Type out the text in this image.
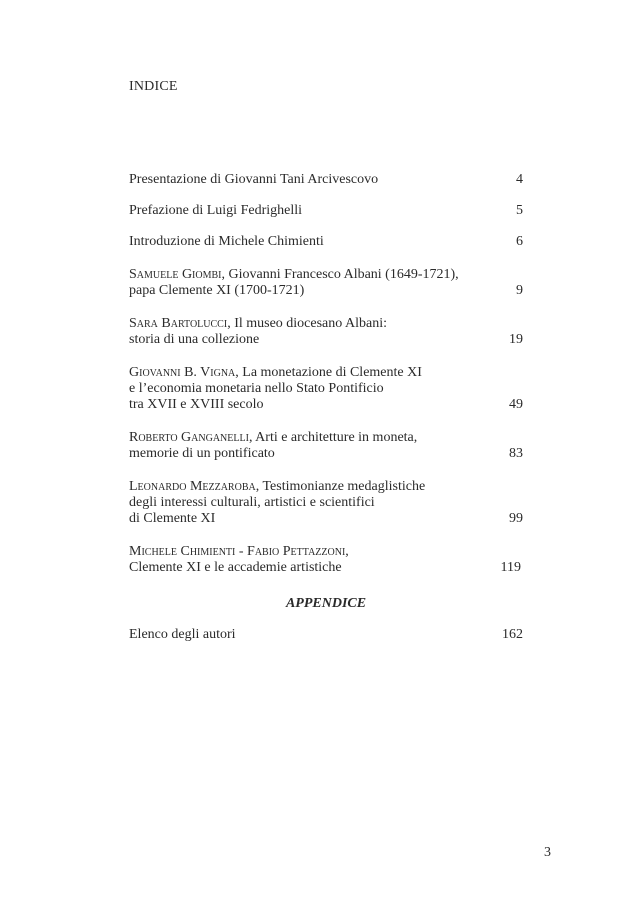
INDICE
Presentazione di Giovanni Tani Arcivescovo	4
Prefazione di Luigi Fedrighelli	5
Introduzione di Michele Chimienti	6
Samuele Giombi, Giovanni Francesco Albani (1649-1721),
papa Clemente XI (1700-1721)	9
Sara Bartolucci, Il museo diocesano Albani:
storia di una collezione	19
Giovanni B. Vigna, La monetazione di Clemente XI
e l’economia monetaria nello Stato Pontificio
tra XVII e XVIII secolo	49
Roberto Ganganelli, Arti e architetture in moneta,
memorie di un pontificato	83
Leonardo Mezzaroba, Testimonianze medaglistiche
degli interessi culturali, artistici e scientifici
di Clemente XI	99
Michele Chimienti - Fabio Pettazzoni,
Clemente XI e le accademie artistiche	119
APPENDICE
Elenco degli autori	162
3
